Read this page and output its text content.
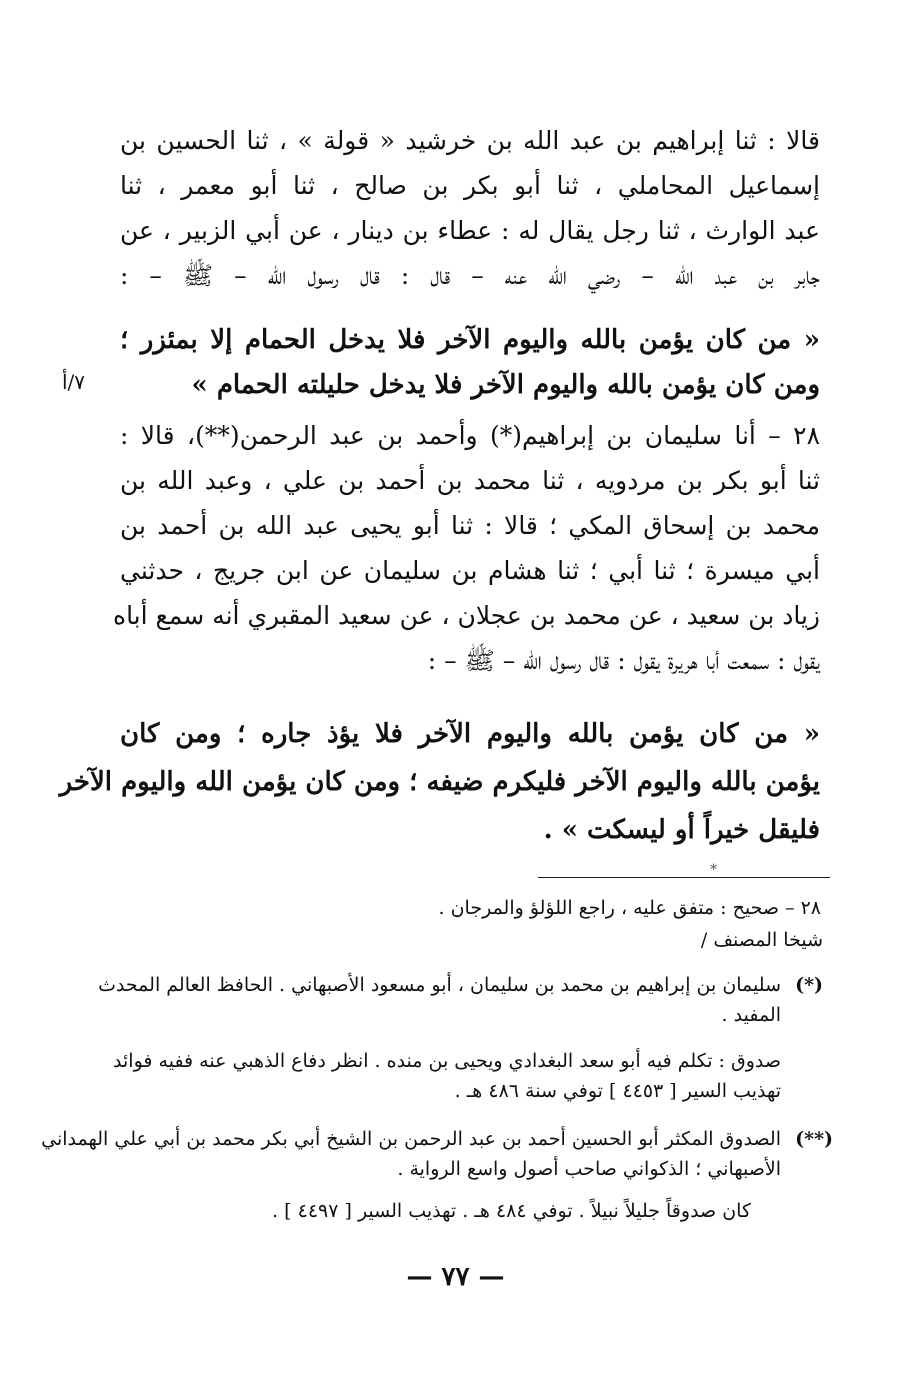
قالا : ثنا إبراهيم بن عبد الله بن خرشيد « قولة » ، ثنا الحسين بن
إسماعيل المحاملي ، ثنا أبو بكر بن صالح ، ثنا أبو معمر ، ثنا
عبد الوارث ، ثنا رجل يقال له : عطاء بن دينار ، عن أبي الزبير ، عن
جابر بن عبد الله – رضي الله عنه – قال : قال رسول الله – ﷺ – :
« من كان يؤمن بالله واليوم الآخر فلا يدخل الحمام إلا بمئزر ؛
ومن كان يؤمن بالله واليوم الآخر فلا يدخل حليلته الحمام »
٧/أ
٢٨ – أنا سليمان بن إبراهيم(*) وأحمد بن عبد الرحمن(**)، قالا :
ثنا أبو بكر بن مردويه ، ثنا محمد بن أحمد بن علي ، وعبد الله بن
محمد بن إسحاق المكي ؛ قالا : ثنا أبو يحيى عبد الله بن أحمد بن
أبي ميسرة ؛ ثنا أبي ؛ ثنا هشام بن سليمان عن ابن جريج ، حدثني
زياد بن سعيد ، عن محمد بن عجلان ، عن سعيد المقبري أنه سمع أباه
يقول : سمعت أبا هريرة يقول : قال رسول الله – ﷺ – :
« من كان يؤمن بالله واليوم الآخر فلا يؤذ جاره ؛ ومن كان
يؤمن بالله واليوم الآخر فليكرم ضيفه ؛ ومن كان يؤمن الله واليوم الآخر
فليقل خيراً أو ليسكت » .
*
٢٨ – صحيح : متفق عليه ، راجع اللؤلؤ والمرجان .
شيخا المصنف /
(*)
سليمان بن إبراهيم بن محمد بن سليمان ، أبو مسعود الأصبهاني . الحافظ العالم المحدث
المفيد .
صدوق : تكلم فيه أبو سعد البغدادي ويحيى بن منده . انظر دفاع الذهبي عنه ففيه فوائد
تهذيب السير [ ٤٤٥٣ ] توفي سنة ٤٨٦ هـ .
(**)
الصدوق المكثر أبو الحسين أحمد بن عبد الرحمن بن الشيخ أبي بكر محمد بن أبي علي الهمداني
الأصبهاني ؛ الذكواني صاحب أصول واسع الرواية .
كان صدوقاً جليلاً نبيلاً . توفي ٤٨٤ هـ . تهذيب السير [ ٤٤٩٧ ] .
— ٧٧ —
